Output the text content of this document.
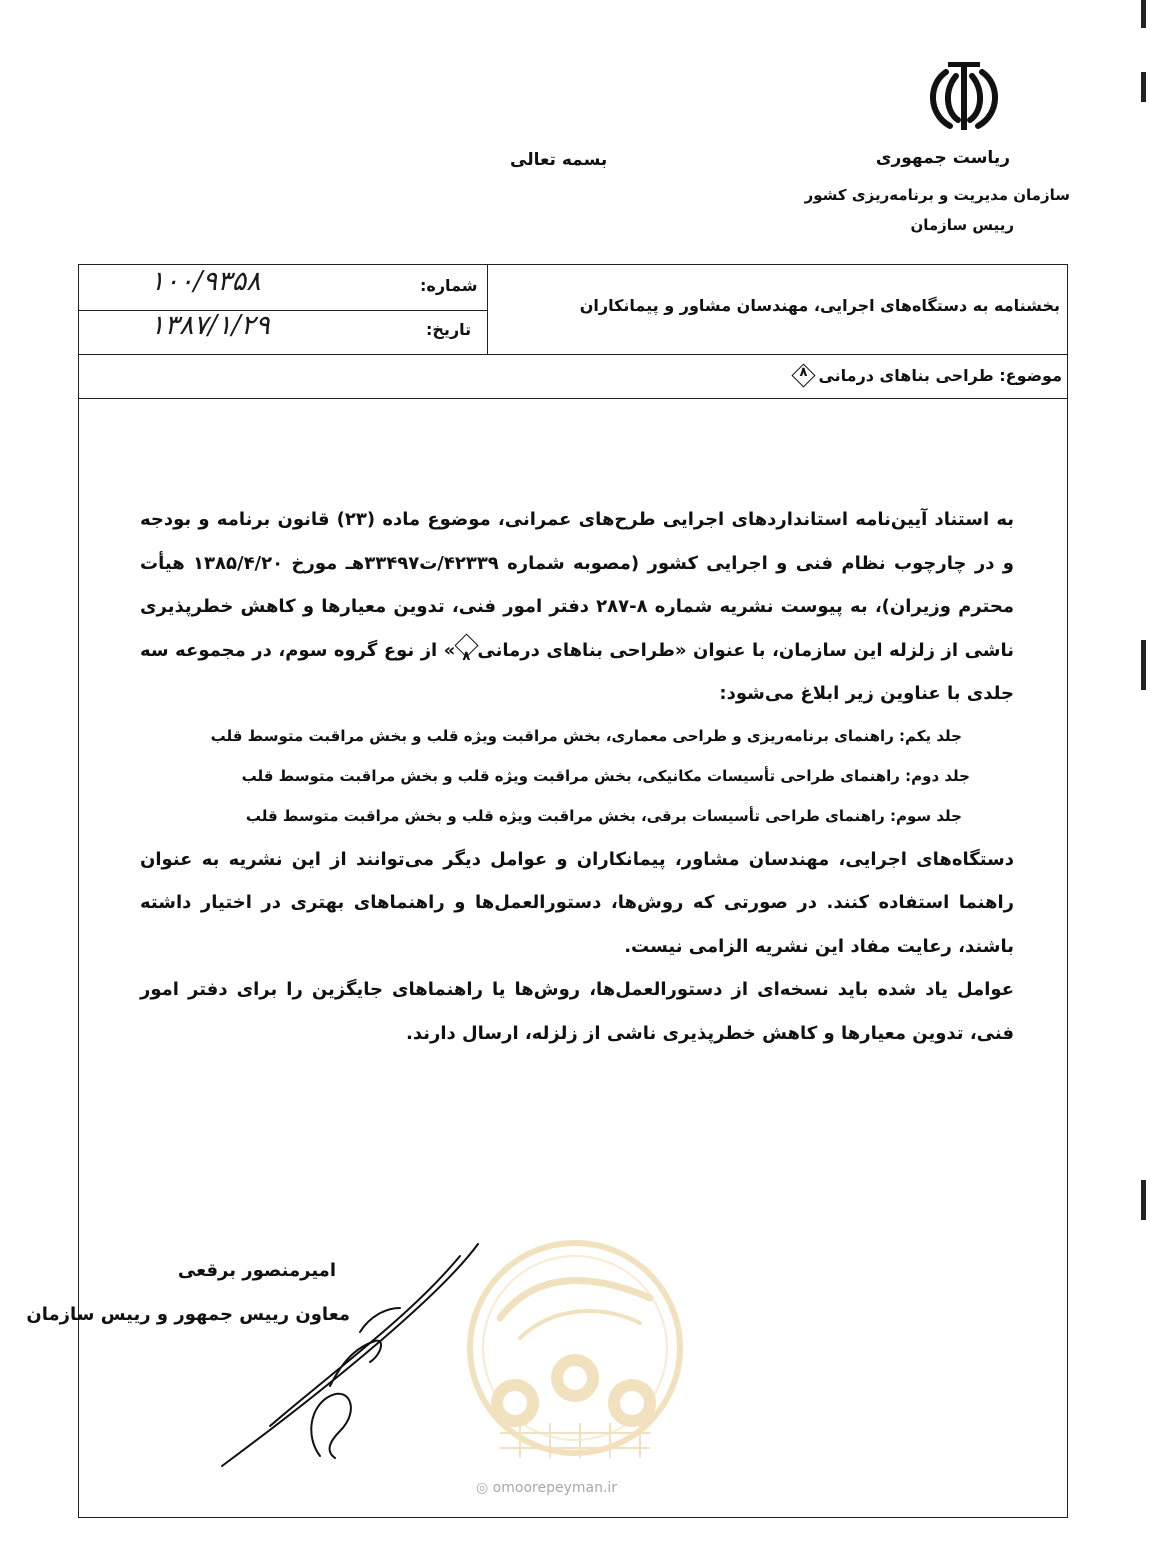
ریاست جمهوری
سازمان مدیریت و برنامه‌ریزی کشور
رییس سازمان
بسمه تعالی
شماره:
۱۰۰/۹۳۵۸
تاریخ:
۱۳۸۷/۱/۲۹
بخشنامه به دستگاه‌های اجرایی، مهندسان مشاور و پیمانکاران
موضوع: طراحی بناهای درمانی
۸

به استناد آیین‌نامه استانداردهای اجرایی طرح‌های عمرانی، موضوع ماده (۲۳) قانون برنامه و بودجه و در چارچوب نظام فنی و اجرایی کشور (مصوبه شماره ۴۲۳۳۹/ت۳۳۴۹۷هـ مورخ ۱۳۸۵/۴/۲۰ هیأت محترم وزیران)، به پیوست نشریه شماره ۸-۲۸۷ دفتر امور فنی، تدوین معیارها و کاهش خطرپذیری ناشی از زلزله این سازمان، با عنوان «طراحی بناهای درمانی
۸
» از نوع گروه سوم، در مجموعه سه جلدی با عناوین زیر ابلاغ می‌شود:

جلد یکم: راهنمای برنامه‌ریزی و طراحی معماری، بخش مراقبت ویژه قلب و بخش مراقبت متوسط قلب

جلد دوم: راهنمای طراحی تأسیسات مکانیکی، بخش مراقبت ویژه قلب و بخش مراقبت متوسط قلب

جلد سوم: راهنمای طراحی تأسیسات برقی، بخش مراقبت ویژه قلب و بخش مراقبت متوسط قلب

دستگاه‌های اجرایی، مهندسان مشاور، پیمانکاران و عوامل دیگر می‌توانند از این نشریه به عنوان راهنما استفاده کنند. در صورتی که روش‌ها، دستورالعمل‌ها و راهنماهای بهتری در اختیار داشته باشند، رعایت مفاد این نشریه الزامی نیست.

عوامل یاد شده باید نسخه‌ای از دستورالعمل‌ها، روش‌ها یا راهنماهای جایگزین را برای دفتر امور فنی، تدوین معیارها و کاهش خطرپذیری ناشی از زلزله، ارسال دارند.

◎ omoorepeyman.ir
امیرمنصور برقعی
معاون رییس جمهور و رییس سازمان
